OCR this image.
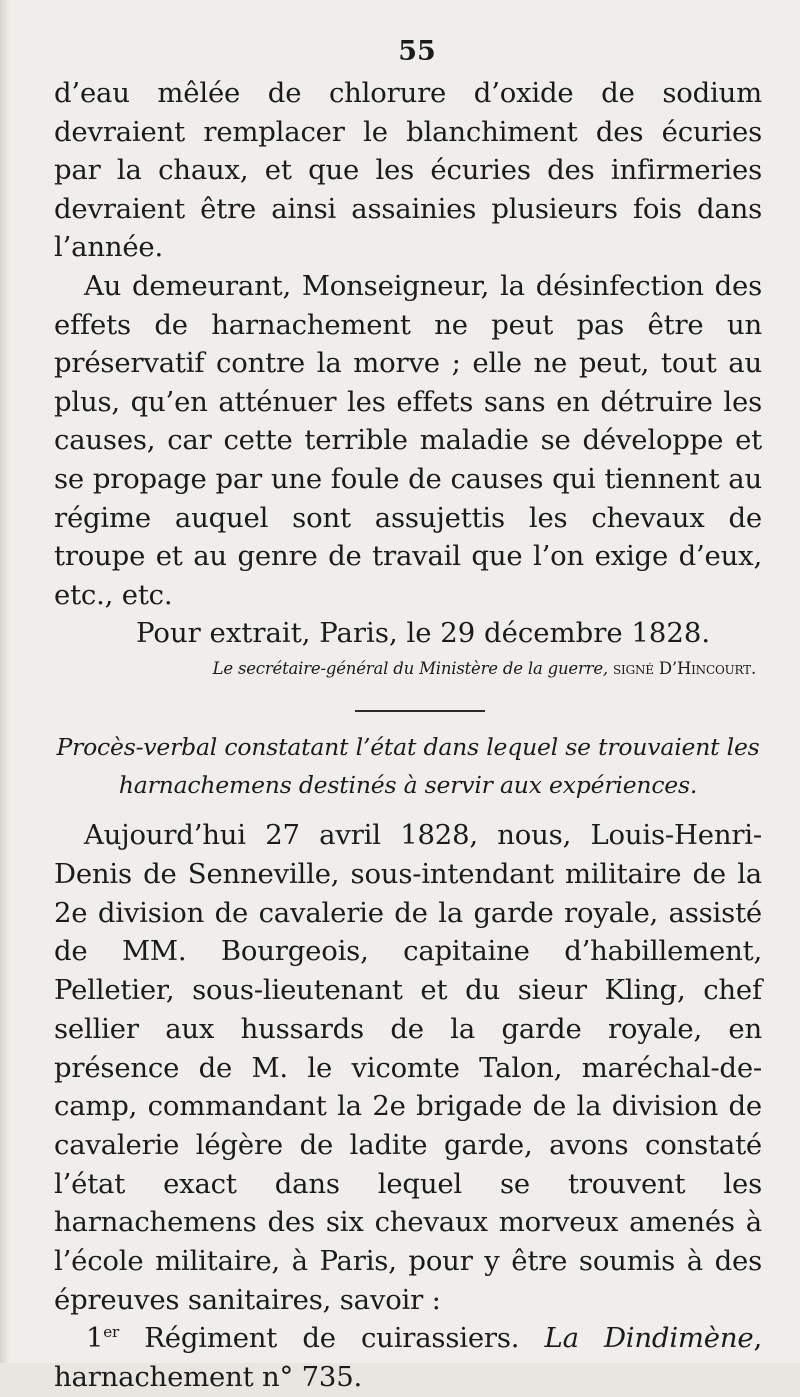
55

d’eau mêlée de chlorure d’oxide de sodium devraient remplacer le blanchiment des écuries par la chaux, et que les écuries des infirmeries devraient être ainsi assainies plusieurs fois dans l’année.

Au demeurant, Monseigneur, la désinfection des effets de harnachement ne peut pas être un préservatif contre la morve ; elle ne peut, tout au plus, qu’en atténuer les effets sans en détruire les causes, car cette terrible maladie se développe et se propage par une foule de causes qui tiennent au régime auquel sont assujettis les chevaux de troupe et au genre de travail que l’on exige d’eux, etc., etc.

Pour extrait, Paris, le 29 décembre 1828.

Le secrétaire-général du Ministère de la guerre, signé D’Hincourt.

Procès-verbal constatant l’état dans lequel se trouvaient les harnachemens destinés à servir aux expériences.

Aujourd’hui 27 avril 1828, nous, Louis-Henri-Denis de Senneville, sous-intendant militaire de la 2e division de cavalerie de la garde royale, assisté de MM. Bourgeois, capitaine d’habillement, Pelletier, sous-lieutenant et du sieur Kling, chef sellier aux hussards de la garde royale, en présence de M. le vicomte Talon, maréchal-de-camp, commandant la 2e brigade de la division de cavalerie légère de ladite garde, avons constaté l’état exact dans lequel se trouvent les harnachemens des six chevaux morveux amenés à l’école militaire, à Paris, pour y être soumis à des épreuves sanitaires, savoir :

1er Régiment de cuirassiers. La Dindimène, harnachement n° 735.
